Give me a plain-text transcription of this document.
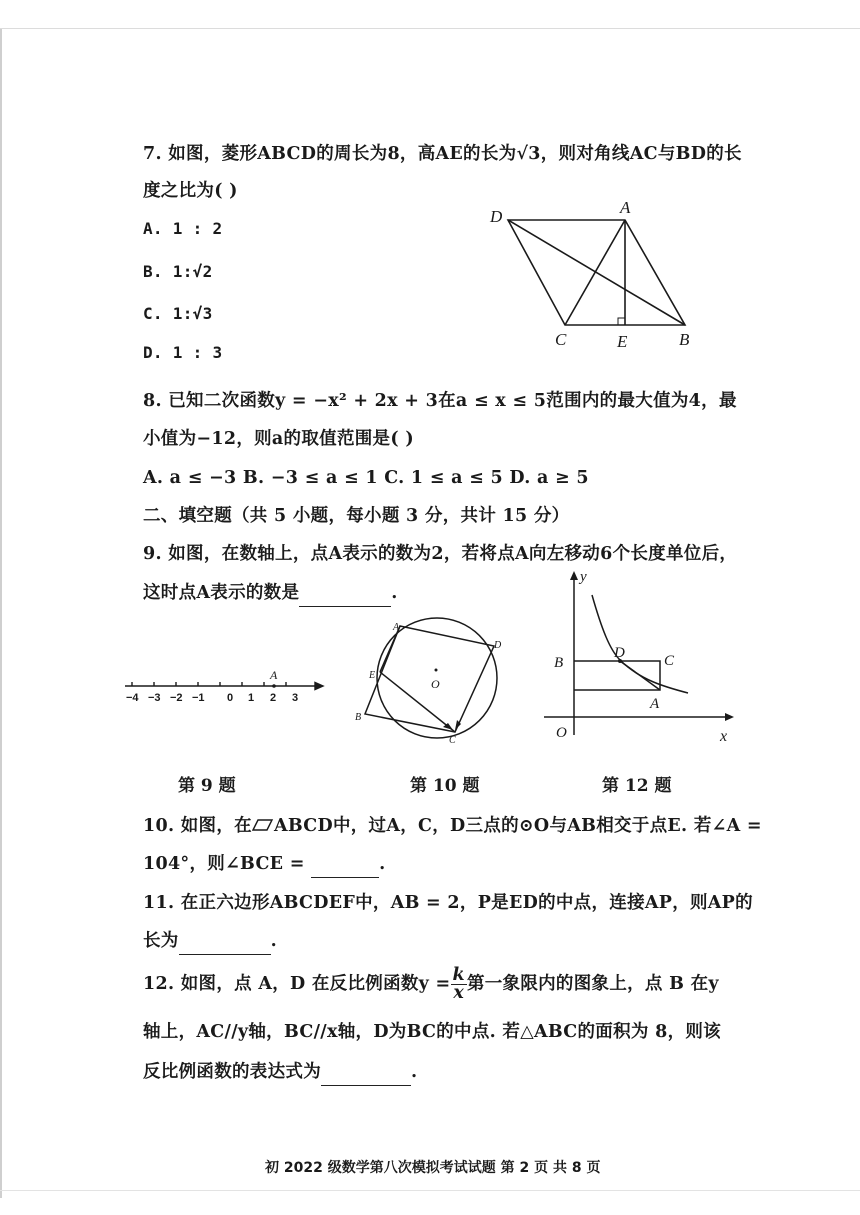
7. 如图，菱形ABCD的周长为8，高AE的长为√3，则对角线AC与BD的长
度之比为( )
A. 1 : 2
B. 1:√2
C. 1:√3
D. 1 : 3
D	A
C	E	B
8. 已知二次函数y = −x² + 2x + 3在a ≤ x ≤ 5范围内的最大值为4，最
小值为−12，则a的取值范围是( )
A. a ≤ −3 B. −3 ≤ a ≤ 1 C. 1 ≤ a ≤ 5 D. a ≥ 5
二、填空题（共 5 小题，每小题 3 分，共计 15 分）
9. 如图，在数轴上，点A表示的数为2，若将点A向左移动6个长度单位后，
这时点A表示的数是	.
A
−4 −3 −2 −1 0 1 2 3
第 9 题
A
D
E
O
B
C
第 10 题
y
x
O
B
D	C
A
第 12 题
10. 如图，在 ABCD中，过A，C，D三点的⊙O与AB相交于点E. 若∠A =
104°，则∠BCE =	.
11. 在正六边形ABCDEF中，AB = 2，P是ED的中点，连接AP，则AP的
长为	.
12. 如图，点 A，D 在反比例函数$y = \frac{k}{x}$ 第一象限内的图象上，点 B 在y
轴上，AC//y轴，BC//x轴，D为BC的中点. 若△ABC的面积为 8，则该
反比例函数的表达式为	.
初 2022 级数学第八次模拟考试试题 第 2 页 共 8 页
